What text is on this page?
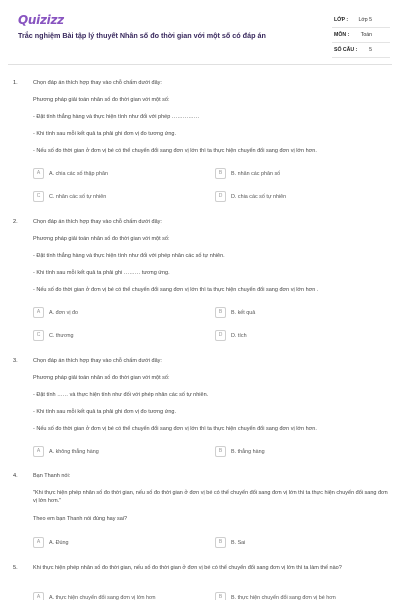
Quizizz
Trắc nghiệm Bài tập lý thuyết Nhân số đo thời gian với một số có đáp án
LỚP : Lớp 5
MÔN : Toán
SỐ CÂU : 5
1.	Chọn đáp án thích hợp thay vào chỗ chấm dưới đây:
Phương pháp giải toán nhân số đo thời gian với một số:
- Đặt tính thẳng hàng và thực hiện tính như đối với phép ……………
- Khi tính sau mỗi kết quả ta phải ghi đơn vị đo tương ứng.
- Nếu số đo thời gian ở đơn vị bé có thể chuyển đổi sang đơn vị lớn thì ta thực hiện chuyển đổi sang đơn vị lớn hơn.
A	A. chia các số thập phân	B	B. nhân các phân số
C	C. nhân các số tự nhiên	D	D. chia các số tự nhiên
2.	Chọn đáp án thích hợp thay vào chỗ chấm dưới đây:
Phương pháp giải toán nhân số đo thời gian với một số:
- Đặt tính thẳng hàng và thực hiện tính như đối với phép nhân các số tự nhiên.
- Khi tính sau mỗi kết quả ta phải ghi ……… tương ứng.
- Nếu số đo thời gian ở đơn vị bé có thể chuyển đổi sang đơn vị lớn thì ta thực hiện chuyển đổi sang đơn vị lớn hơn .
A	A. đơn vị đo	B	B. kết quả
C	C. thương	D	D. tích
3.	Chọn đáp án thích hợp thay vào chỗ chấm dưới đây:
Phương pháp giải toán nhân số đo thời gian với một số:
- Đặt tính …… và thực hiện tính như đối với phép nhân các số tự nhiên.
- Khi tính sau mỗi kết quả ta phải ghi đơn vị đo tương ứng.
- Nếu số đo thời gian ở đơn vị bé có thể chuyển đổi sang đơn vị lớn thì ta thực hiện chuyển đổi sang đơn vị lớn hơn.
A	A. không thẳng hàng	B	B. thẳng hàng
4.	Bạn Thanh nói:
"Khi thực hiện phép nhân số đo thời gian, nếu số đo thời gian ở đơn vị bé có thể chuyển đổi sang đơn vị lớn thì ta thực hiện chuyển đổi sang đơn vị lớn hơn."
Theo em bạn Thanh nói đúng hay sai?
A	A. Đúng	B	B. Sai
5.	Khi thực hiện phép nhân số đo thời gian, nếu số đo thời gian ở đơn vị bé có thể chuyển đổi sang đơn vị lớn thì ta làm thế nào?
A	A. thực hiện chuyển đổi sang đơn vị lớn hơn	B	B. thực hiện chuyển đổi sang đơn vị bé hơn
